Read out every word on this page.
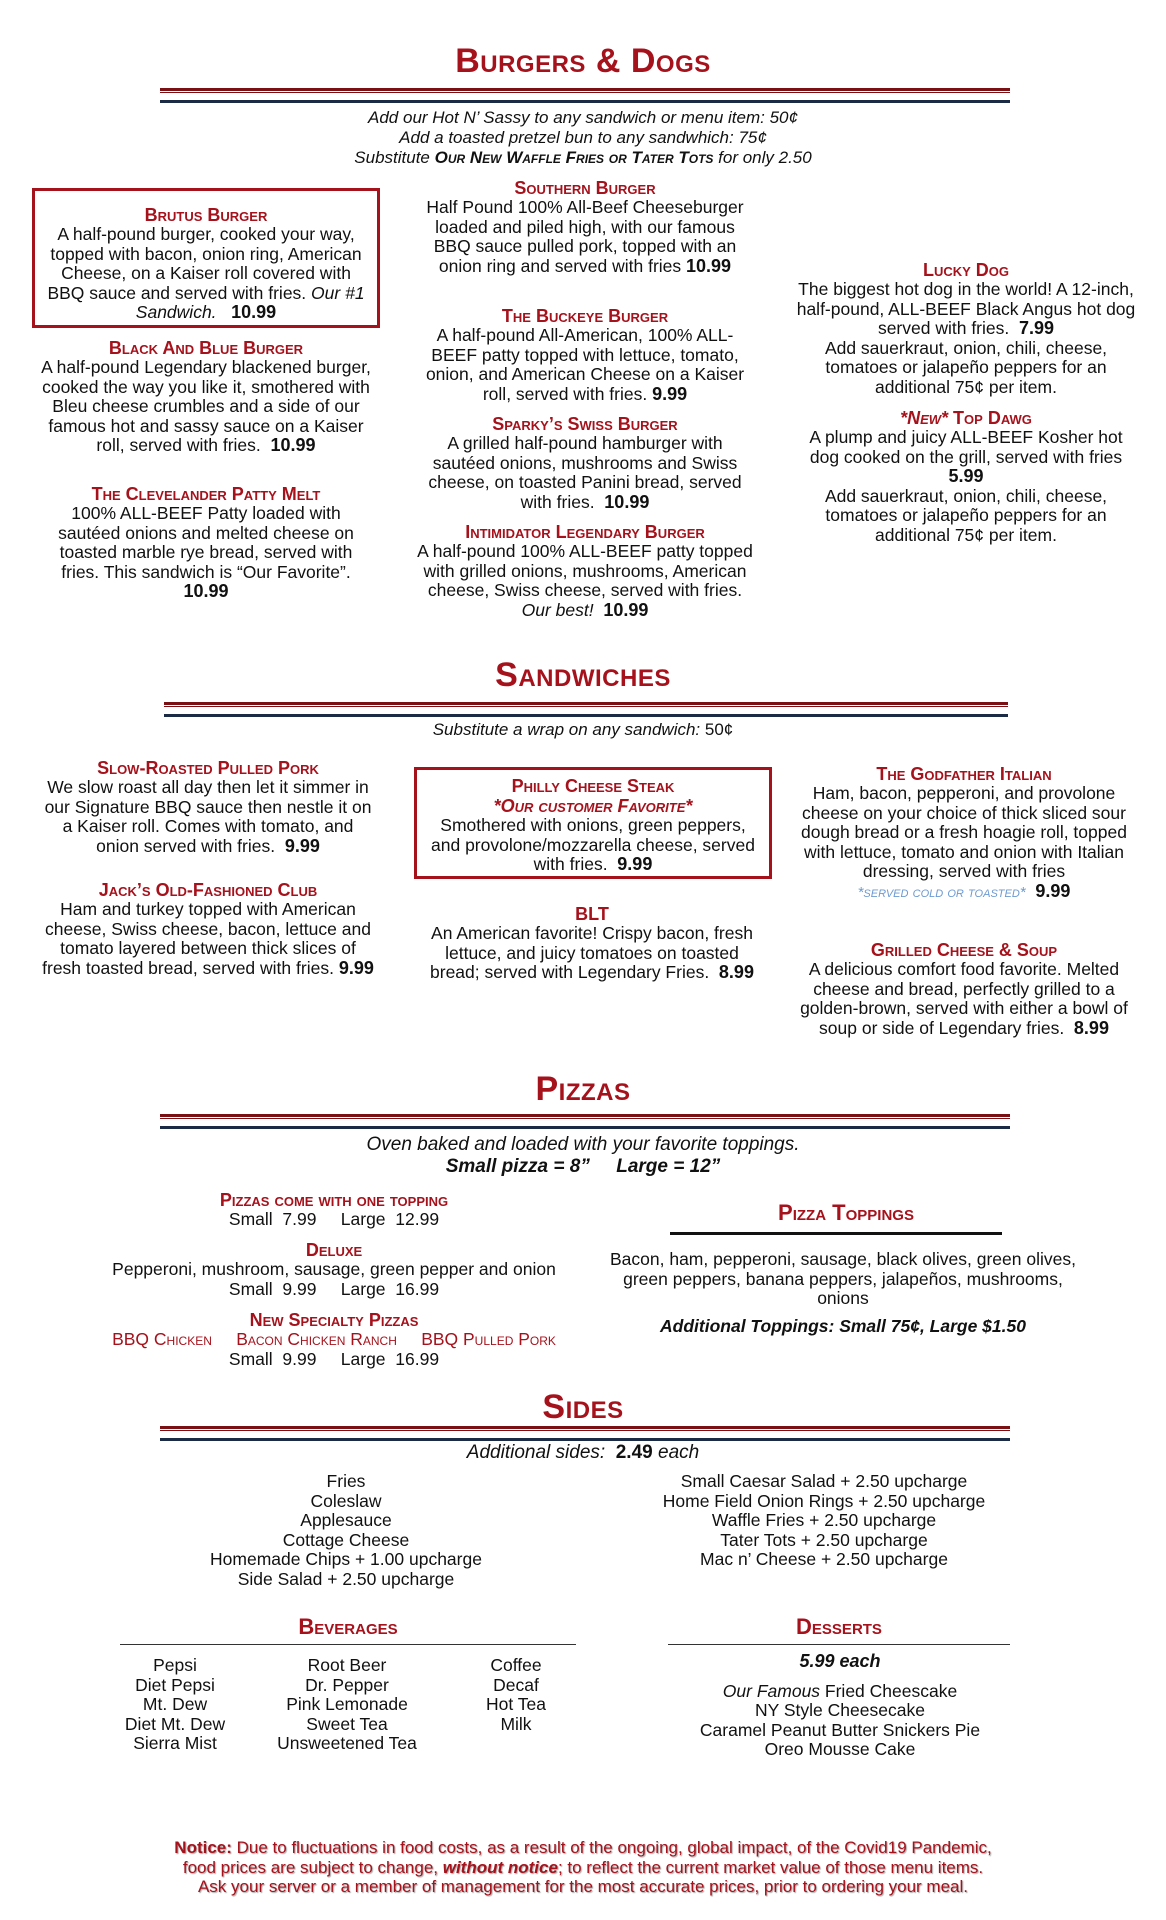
Burgers & Dogs
Add our Hot N’ Sassy to any sandwich or menu item: 50¢
Add a toasted pretzel bun to any sandwhich: 75¢
Substitute Our New Waffle Fries or Tater Tots for only 2.50
Brutus Burger
A half-pound burger, cooked your way, topped with bacon, onion ring, American Cheese, on a Kaiser roll covered with BBQ sauce and served with fries. Our #1 Sandwich. 10.99
Black And Blue Burger
A half-pound Legendary blackened burger, cooked the way you like it, smothered with Bleu cheese crumbles and a side of our famous hot and sassy sauce on a Kaiser roll, served with fries. 10.99
The Clevelander Patty Melt
100% ALL-BEEF Patty loaded with sautéed onions and melted cheese on toasted marble rye bread, served with fries. This sandwich is “Our Favorite”.
10.99
Southern Burger
Half Pound 100% All-Beef Cheeseburger loaded and piled high, with our famous BBQ sauce pulled pork, topped with an onion ring and served with fries 10.99
The Buckeye Burger
A half-pound All-American, 100% ALL-BEEF patty topped with lettuce, tomato, onion, and American Cheese on a Kaiser roll, served with fries. 9.99
Sparky’s Swiss Burger
A grilled half-pound hamburger with sautéed onions, mushrooms and Swiss cheese, on toasted Panini bread, served with fries. 10.99
Intimidator Legendary Burger
A half-pound 100% ALL-BEEF patty topped with grilled onions, mushrooms, American cheese, Swiss cheese, served with fries. Our best! 10.99
Lucky Dog
The biggest hot dog in the world! A 12-inch, half-pound, ALL-BEEF Black Angus hot dog served with fries. 7.99
Add sauerkraut, onion, chili, cheese, tomatoes or jalapeño peppers for an additional 75¢ per item.
*New* Top Dawg
A plump and juicy ALL-BEEF Kosher hot dog cooked on the grill, served with fries 5.99
Add sauerkraut, onion, chili, cheese, tomatoes or jalapeño peppers for an additional 75¢ per item.
Sandwiches
Substitute a wrap on any sandwich: 50¢
Slow-Roasted Pulled Pork
We slow roast all day then let it simmer in our Signature BBQ sauce then nestle it on a Kaiser roll. Comes with tomato, and onion served with fries. 9.99
Jack’s Old-Fashioned Club
Ham and turkey topped with American cheese, Swiss cheese, bacon, lettuce and tomato layered between thick slices of fresh toasted bread, served with fries. 9.99
Philly Cheese Steak
*Our customer Favorite*
Smothered with onions, green peppers, and provolone/mozzarella cheese, served with fries. 9.99
BLT
An American favorite! Crispy bacon, fresh lettuce, and juicy tomatoes on toasted bread; served with Legendary Fries. 8.99
The Godfather Italian
Ham, bacon, pepperoni, and provolone cheese on your choice of thick sliced sour dough bread or a fresh hoagie roll, topped with lettuce, tomato and onion with Italian dressing, served with fries
*served cold or toasted* 9.99
Grilled Cheese & Soup
A delicious comfort food favorite. Melted cheese and bread, perfectly grilled to a golden-brown, served with either a bowl of soup or side of Legendary fries. 8.99
Pizzas
Oven baked and loaded with your favorite toppings.
Small pizza = 8”     Large = 12”
Pizzas come with one topping
Small  7.99     Large  12.99
Deluxe
Pepperoni, mushroom, sausage, green pepper and onion
Small  9.99     Large  16.99
New Specialty Pizzas
BBQ Chicken Bacon Chicken Ranch BBQ Pulled Pork
Small  9.99     Large  16.99
Pizza Toppings
Bacon, ham, pepperoni, sausage, black olives, green olives, green peppers, banana peppers, jalapeños, mushrooms, onions
Additional Toppings: Small 75¢, Large $1.50
Sides
Additional sides: 2.49 each
Fries
Coleslaw
Applesauce
Cottage Cheese
Homemade Chips + 1.00 upcharge
Side Salad + 2.50 upcharge
Small Caesar Salad + 2.50 upcharge
Home Field Onion Rings + 2.50 upcharge
Waffle Fries + 2.50 upcharge
Tater Tots + 2.50 upcharge
Mac n’ Cheese + 2.50 upcharge
Beverages
Pepsi
Diet Pepsi
Mt. Dew
Diet Mt. Dew
Sierra Mist
Root Beer
Dr. Pepper
Pink Lemonade
Sweet Tea
Unsweetened Tea
Coffee
Decaf
Hot Tea
Milk
Desserts
5.99 each
Our Famous Fried Cheescake
NY Style Cheesecake
Caramel Peanut Butter Snickers Pie
Oreo Mousse Cake
Notice: Due to fluctuations in food costs, as a result of the ongoing, global impact, of the Covid19 Pandemic,
food prices are subject to change, without notice; to reflect the current market value of those menu items.
Ask your server or a member of management for the most accurate prices, prior to ordering your meal.
